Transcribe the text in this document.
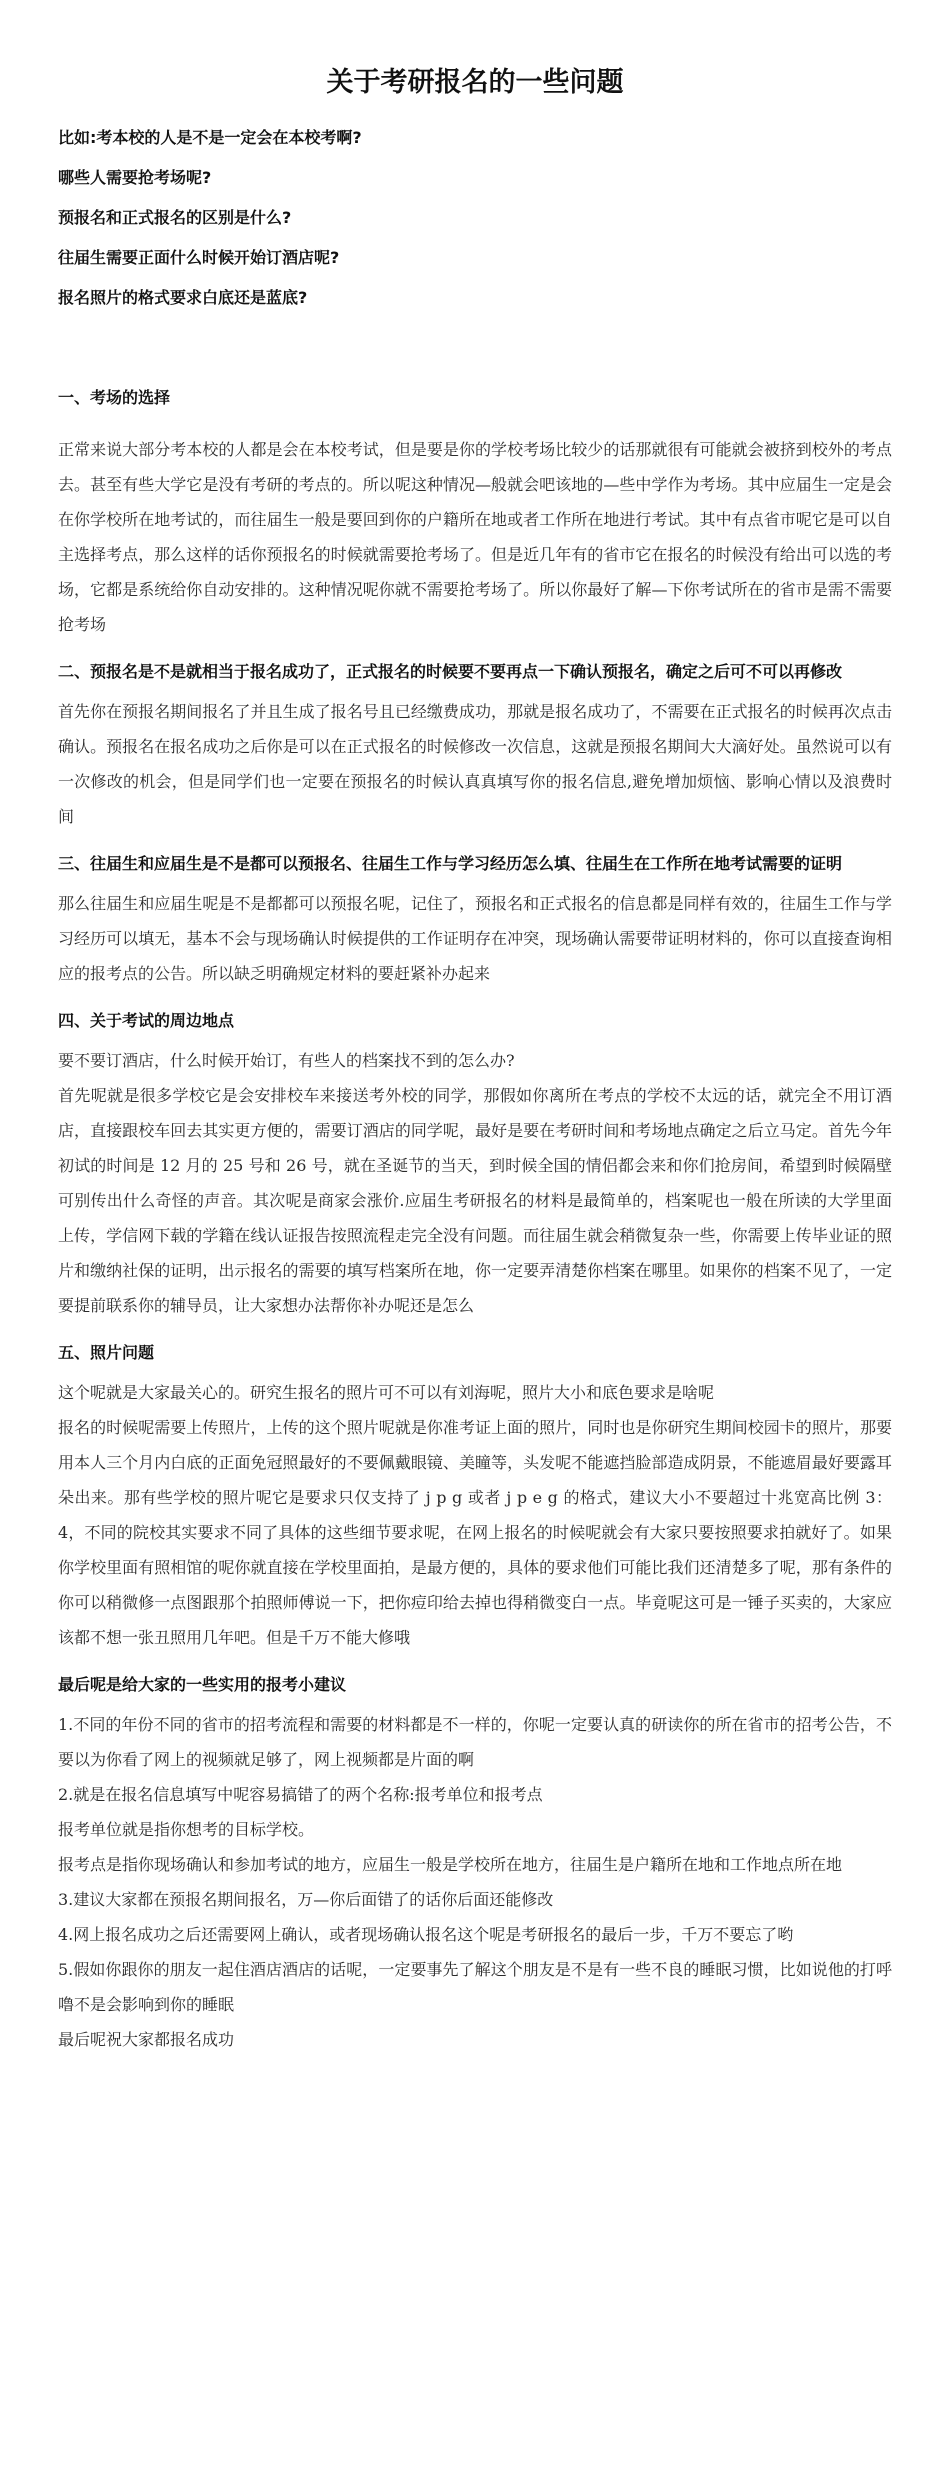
关于考研报名的一些问题
比如:考本校的人是不是一定会在本校考啊?
哪些人需要抢考场呢?
预报名和正式报名的区别是什么?
往届生需要正面什么时候开始订酒店呢?
报名照片的格式要求白底还是蓝底?
一、考场的选择

正常来说大部分考本校的人都是会在本校考试，但是要是你的学校考场比较少的话那就很有可能就会被挤到校外的考点去。甚至有些大学它是没有考研的考点的。所以呢这种情况—般就会吧该地的—些中学作为考场。其中应届生一定是会在你学校所在地考试的，而往届生一般是要回到你的户籍所在地或者工作所在地进行考试。其中有点省市呢它是可以自主选择考点，那么这样的话你预报名的时候就需要抢考场了。但是近几年有的省市它在报名的时候没有给出可以选的考场，它都是系统给你自动安排的。这种情况呢你就不需要抢考场了。所以你最好了解—下你考试所在的省市是需不需要抢考场

二、预报名是不是就相当于报名成功了，正式报名的时候要不要再点一下确认预报名，确定之后可不可以再修改

首先你在预报名期间报名了并且生成了报名号且已经缴费成功，那就是报名成功了，不需要在正式报名的时候再次点击确认。预报名在报名成功之后你是可以在正式报名的时候修改一次信息，这就是预报名期间大大滴好处。虽然说可以有一次修改的机会，但是同学们也一定要在预报名的时候认真真填写你的报名信息,避免增加烦恼、影响心情以及浪费时间

三、往届生和应届生是不是都可以预报名、往届生工作与学习经历怎么填、往届生在工作所在地考试需要的证明

那么往届生和应届生呢是不是都都可以预报名呢，记住了，预报名和正式报名的信息都是同样有效的，往届生工作与学习经历可以填无，基本不会与现场确认时候提供的工作证明存在冲突，现场确认需要带证明材料的，你可以直接查询相应的报考点的公告。所以缺乏明确规定材料的要赶紧补办起来

四、关于考试的周边地点

要不要订酒店，什么时候开始订，有些人的档案找不到的怎么办?

首先呢就是很多学校它是会安排校车来接送考外校的同学，那假如你离所在考点的学校不太远的话，就完全不用订酒店，直接跟校车回去其实更方便的，需要订酒店的同学呢，最好是要在考研时间和考场地点确定之后立马定。首先今年初试的时间是 12 月的 25 号和 26 号，就在圣诞节的当天，到时候全国的情侣都会来和你们抢房间，希望到时候隔壁可别传出什么奇怪的声音。其次呢是商家会涨价.应届生考研报名的材料是最简单的，档案呢也一般在所读的大学里面上传，学信网下载的学籍在线认证报告按照流程走完全没有问题。而往届生就会稍微复杂一些，你需要上传毕业证的照片和缴纳社保的证明，出示报名的需要的填写档案所在地，你一定要弄清楚你档案在哪里。如果你的档案不见了，一定要提前联系你的辅导员，让大家想办法帮你补办呢还是怎么

五、照片问题

这个呢就是大家最关心的。研究生报名的照片可不可以有刘海呢，照片大小和底色要求是啥呢

报名的时候呢需要上传照片，上传的这个照片呢就是你准考证上面的照片，同时也是你研究生期间校园卡的照片，那要用本人三个月内白底的正面免冠照最好的不要佩戴眼镜、美瞳等，头发呢不能遮挡脸部造成阴景，不能遮眉最好要露耳朵出来。那有些学校的照片呢它是要求只仅支持了 j p g 或者 j p e g 的格式，建议大小不要超过十兆宽高比例 3：4，不同的院校其实要求不同了具体的这些细节要求呢，在网上报名的时候呢就会有大家只要按照要求拍就好了。如果你学校里面有照相馆的呢你就直接在学校里面拍，是最方便的，具体的要求他们可能比我们还清楚多了呢，那有条件的你可以稍微修一点图跟那个拍照师傅说一下，把你痘印给去掉也得稍微变白一点。毕竟呢这可是一锤子买卖的，大家应该都不想一张丑照用几年吧。但是千万不能大修哦

最后呢是给大家的一些实用的报考小建议

1.不同的年份不同的省市的招考流程和需要的材料都是不一样的，你呢一定要认真的研读你的所在省市的招考公告，不要以为你看了网上的视频就足够了，网上视频都是片面的啊

2.就是在报名信息填写中呢容易搞错了的两个名称:报考单位和报考点

报考单位就是指你想考的目标学校。

报考点是指你现场确认和参加考试的地方，应届生一般是学校所在地方，往届生是户籍所在地和工作地点所在地

3.建议大家都在预报名期间报名，万—你后面错了的话你后面还能修改

4.网上报名成功之后还需要网上确认，或者现场确认报名这个呢是考研报名的最后一步，千万不要忘了哟

5.假如你跟你的朋友一起住酒店酒店的话呢，一定要事先了解这个朋友是不是有一些不良的睡眠习惯，比如说他的打呼噜不是会影响到你的睡眠

最后呢祝大家都报名成功
